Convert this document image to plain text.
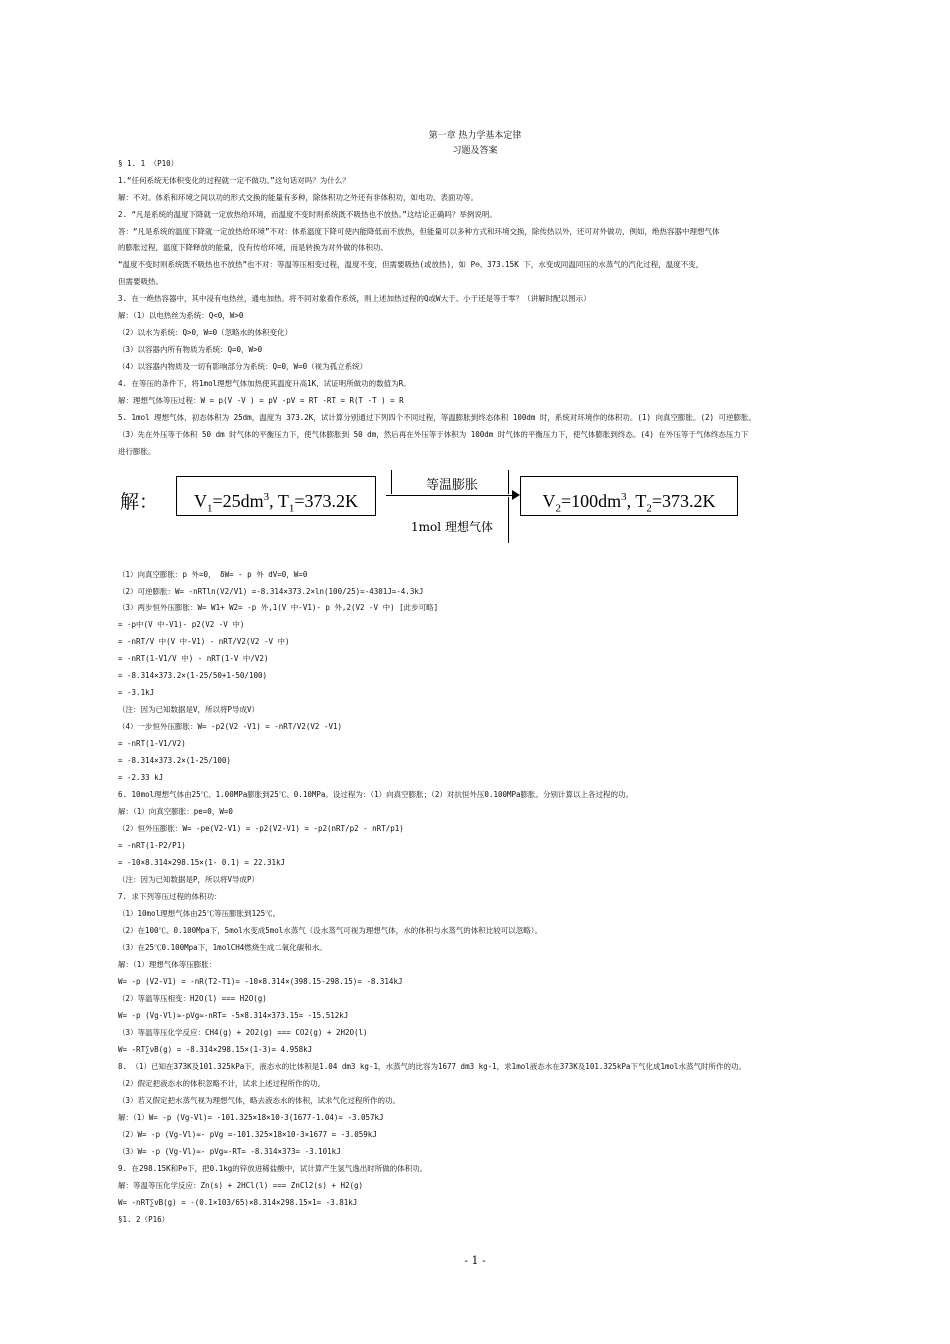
第一章 热力学基本定律
习题及答案
§ 1. 1 （P10）
1.“任何系统无体积变化的过程就一定不做功。”这句话对吗？为什么？
解：不对。体系和环境之间以功的形式交换的能量有多种，除体积功之外还有非体积功，如电功、表面功等。
2. “凡是系统的温度下降就一定放热给环境，而温度不变时则系统既不吸热也不放热。”这结论正确吗？举例说明。
答：“凡是系统的温度下降就一定放热给环境”不对：体系温度下降可使内能降低而不放热，但能量可以多种方式和环境交换，除传热以外，还可对外做功，例如，绝热容器中理想气体
的膨胀过程，温度下降释放的能量，没有传给环境，而是转换为对外做的体积功。
“温度不变时则系统既不吸热也不放热”也不对：等温等压相变过程，温度不变，但需要吸热(或放热)，如 P⊖、373.15K 下，水变成同温同压的水蒸气的汽化过程，温度不变，
但需要吸热。
3. 在一绝热容器中，其中浸有电热丝，通电加热。将不同对象看作系统，则上述加热过程的Q或W大于、小于还是等于零？（讲解时配以图示）
解：（1）以电热丝为系统：Q<0，W>0
（2）以水为系统：Q>0，W=0（忽略水的体积变化）
（3）以容器内所有物质为系统：Q=0，W>0
（4）以容器内物质及一切有影响部分为系统：Q=0，W=0（视为孤立系统）
4. 在等压的条件下，将1mol理想气体加热使其温度升高1K，试证明所做功的数值为R。
解：理想气体等压过程：W = p(V -V ) = pV -pV = RT -RT = R(T -T ) = R
5. 1mol 理想气体，初态体积为 25dm，温度为 373.2K，试计算分别通过下列四个不同过程，等温膨胀到终态体积 100dm 时，系统对环境作的体积功。(1) 向真空膨胀。(2) 可逆膨胀。
（3）先在外压等于体积 50 dm 时气体的平衡压力下，使气体膨胀到 50 dm，然后再在外压等于体积为 100dm 时气体的平衡压力下，使气体膨胀到终态。(4) 在外压等于气体终态压力下
进行膨胀。
解：	$V_1=25dm^3$, $T_1=373.2K$
等温膨胀
1mol 理想气体
$V_2=100dm^3$, $T_2=373.2K$
（1）向真空膨胀：p 外=0， δW= - p 外 dV=0，W=0
（2）可逆膨胀：W= -nRTln(V2/V1) =-8.314×373.2×ln(100/25)=-4301J=-4.3kJ
（3）两步恒外压膨胀：W= W1+ W2= -p 外,1(V 中-V1)- p 外,2(V2 -V 中) [此步可略]
= -p中(V 中-V1)- p2(V2 -V 中)
= -nRT/V 中(V 中-V1) - nRT/V2(V2 -V 中)
= -nRT(1-V1/V 中) - nRT(1-V 中/V2)
= -8.314×373.2×(1-25/50+1-50/100)
= -3.1kJ
（注：因为已知数据是V，所以将P导成V）
（4）一步恒外压膨胀：W= -p2(V2 -V1) = -nRT/V2(V2 -V1)
= -nRT(1-V1/V2)
= -8.314×373.2×(1-25/100)
= -2.33 kJ
6. 10mol理想气体由25℃、1.00MPa膨胀到25℃、0.10MPa。设过程为：（1）向真空膨胀；（2）对抗恒外压0.100MPa膨胀。分别计算以上各过程的功。
解：（1）向真空膨胀：pe=0，W=0
（2）恒外压膨胀：W= -pe(V2-V1) = -p2(V2-V1) = -p2(nRT/p2 - nRT/p1)
= -nRT(1-P2/P1)
= -10×8.314×298.15×(1- 0.1) = 22.31kJ
（注：因为已知数据是P，所以将V导成P）
7. 求下列等压过程的体积功：
（1）10mol理想气体由25℃等压膨胀到125℃。
（2）在100℃、0.100Mpa下，5mol水变成5mol水蒸气（设水蒸气可视为理想气体，水的体积与水蒸气的体积比较可以忽略）。
（3）在25℃0.100Mpa下，1molCH4燃烧生成二氧化碳和水。
解：（1）理想气体等压膨胀：
W= -p (V2-V1) = -nR(T2-T1)= -10×8.314×(398.15-298.15)= -8.314kJ
（2）等温等压相变：H2O(l) === H2O(g)
W= -p (Vg-Vl)≈-pVg≈-nRT= -5×8.314×373.15= -15.512kJ
（3）等温等压化学反应：CH4(g) + 2O2(g) === CO2(g) + 2H2O(l)
W= -RT∑νB(g) = -8.314×298.15×(1-3)= 4.958kJ
8. （1）已知在373K及101.325kPa下，液态水的比体积是1.04 dm3 kg-1，水蒸气的比容为1677 dm3 kg-1，求1mol液态水在373K及101.325kPa下气化成1mol水蒸气时所作的功。
（2）假定把液态水的体积忽略不计，试求上述过程所作的功。
（3）若又假定把水蒸气视为理想气体，略去液态水的体积，试求气化过程所作的功。
解：（1）W= -p (Vg-Vl)= -101.325×18×10-3(1677-1.04)= -3.057kJ
（2）W= -p (Vg-Vl)≈- pVg =-101.325×18×10-3×1677 = -3.059kJ
（3）W= -p (Vg-Vl)≈- pVg≈-RT= -8.314×373= -3.101kJ
9. 在298.15K和P⊖下，把0.1kg的锌放进稀盐酸中，试计算产生氢气逸出时所做的体积功。
解：等温等压化学反应：Zn(s) + 2HCl(l) === ZnCl2(s) + H2(g)
W= -nRT∑νB(g) = -(0.1×103/65)×8.314×298.15×1= -3.81kJ
§1. 2（P16）
- 1 -
